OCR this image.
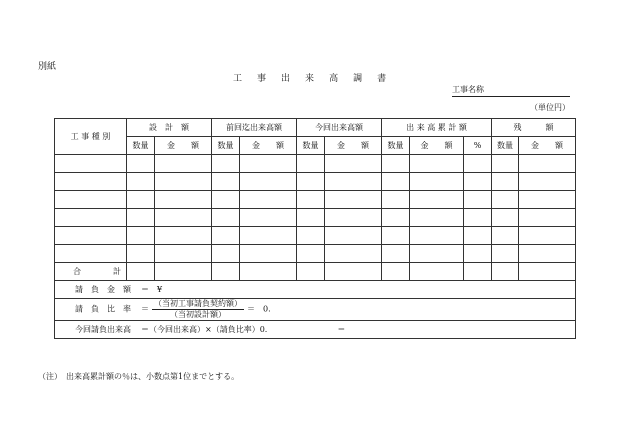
別紙
工 事 出 来 高 調 書
工事名称
（単位円）
工 事 種 別	設　計　額		前回迄出来高額		今回出来高額		出 来 高 累 計 額			残　　　額	
	数量	金　　額	数量	金　　額	数量	金　　額	数量	金　　額	%	数量	金　　額

合　　　　計											
請　負　金　額 ＝　¥											
請　負　比　率 ＝ $\frac{\text{（当初工事請負契約額）}}{\text{（当初設計額）}}$ ＝　0.											
今回請負出来高 ＝（今回出来高）×（請負比率）0. ＝											
（注）　出来高累計額の％は、小数点第1位までとする。
